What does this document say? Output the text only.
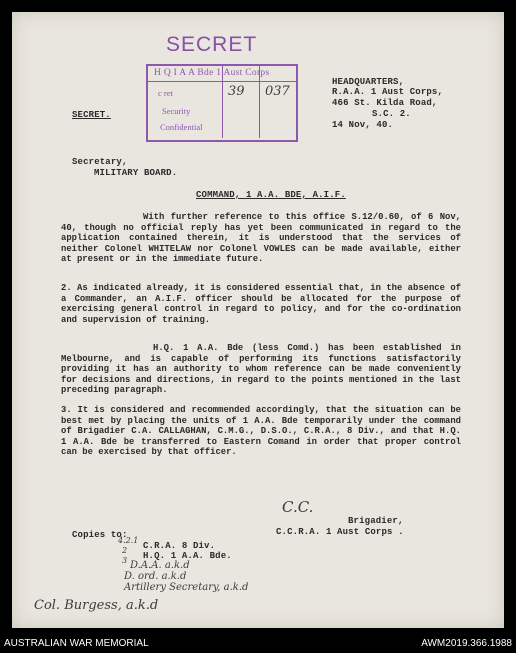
SECRET
H Q I A A Bde 1 Aust Corps
c ret
Security
Confidential
39 037
SECRET.
HEADQUARTERS,
R.A.A. 1 Aust Corps,
466 St. Kilda Road,
S.C. 2.
14 Nov, 40.
Secretary,
MILITARY BOARD.
COMMAND, 1 A.A. BDE, A.I.F.
With further reference to this office S.12/0.60, of 6 Nov, 40, though no official reply has yet been communicated in regard to the application contained therein, it is understood that the services of neither Colonel WHITELAW nor Colonel VOWLES can be made available, either at present or in the immediate future.
2. As indicated already, it is considered essential that, in the absence of a Commander, an A.I.F. officer should be allocated for the purpose of exercising general control in regard to policy, and for the co-ordination and supervision of training.
H.Q. 1 A.A. Bde (less Comd.) has been established in Melbourne, and is capable of performing its functions satisfactorily providing it has an authority to whom reference can be made conveniently for decisions and directions, in regard to the points mentioned in the last preceding paragraph.
3. It is considered and recommended accordingly, that the situation can be best met by placing the units of 1 A.A. Bde temporarily under the command of Brigadier C.A. CALLAGHAN, C.M.G., D.S.O., C.R.A., 8 Div., and that H.Q. 1 A.A. Bde be transferred to Eastern Comand in order that proper control can be exercised by that officer.
C.C.
Brigadier,
C.C.R.A. 1 Aust Corps .
Copies to:
C.R.A. 8 Div.
H.Q. 1 A.A. Bde.
4.2.1
2
3 D.A.A. a.k.d
D. ord. a.k.d
Artillery Secretary, a.k.d
Col. Burgess, a.k.d
AUSTRALIAN WAR MEMORIAL	AWM2019.366.1988
